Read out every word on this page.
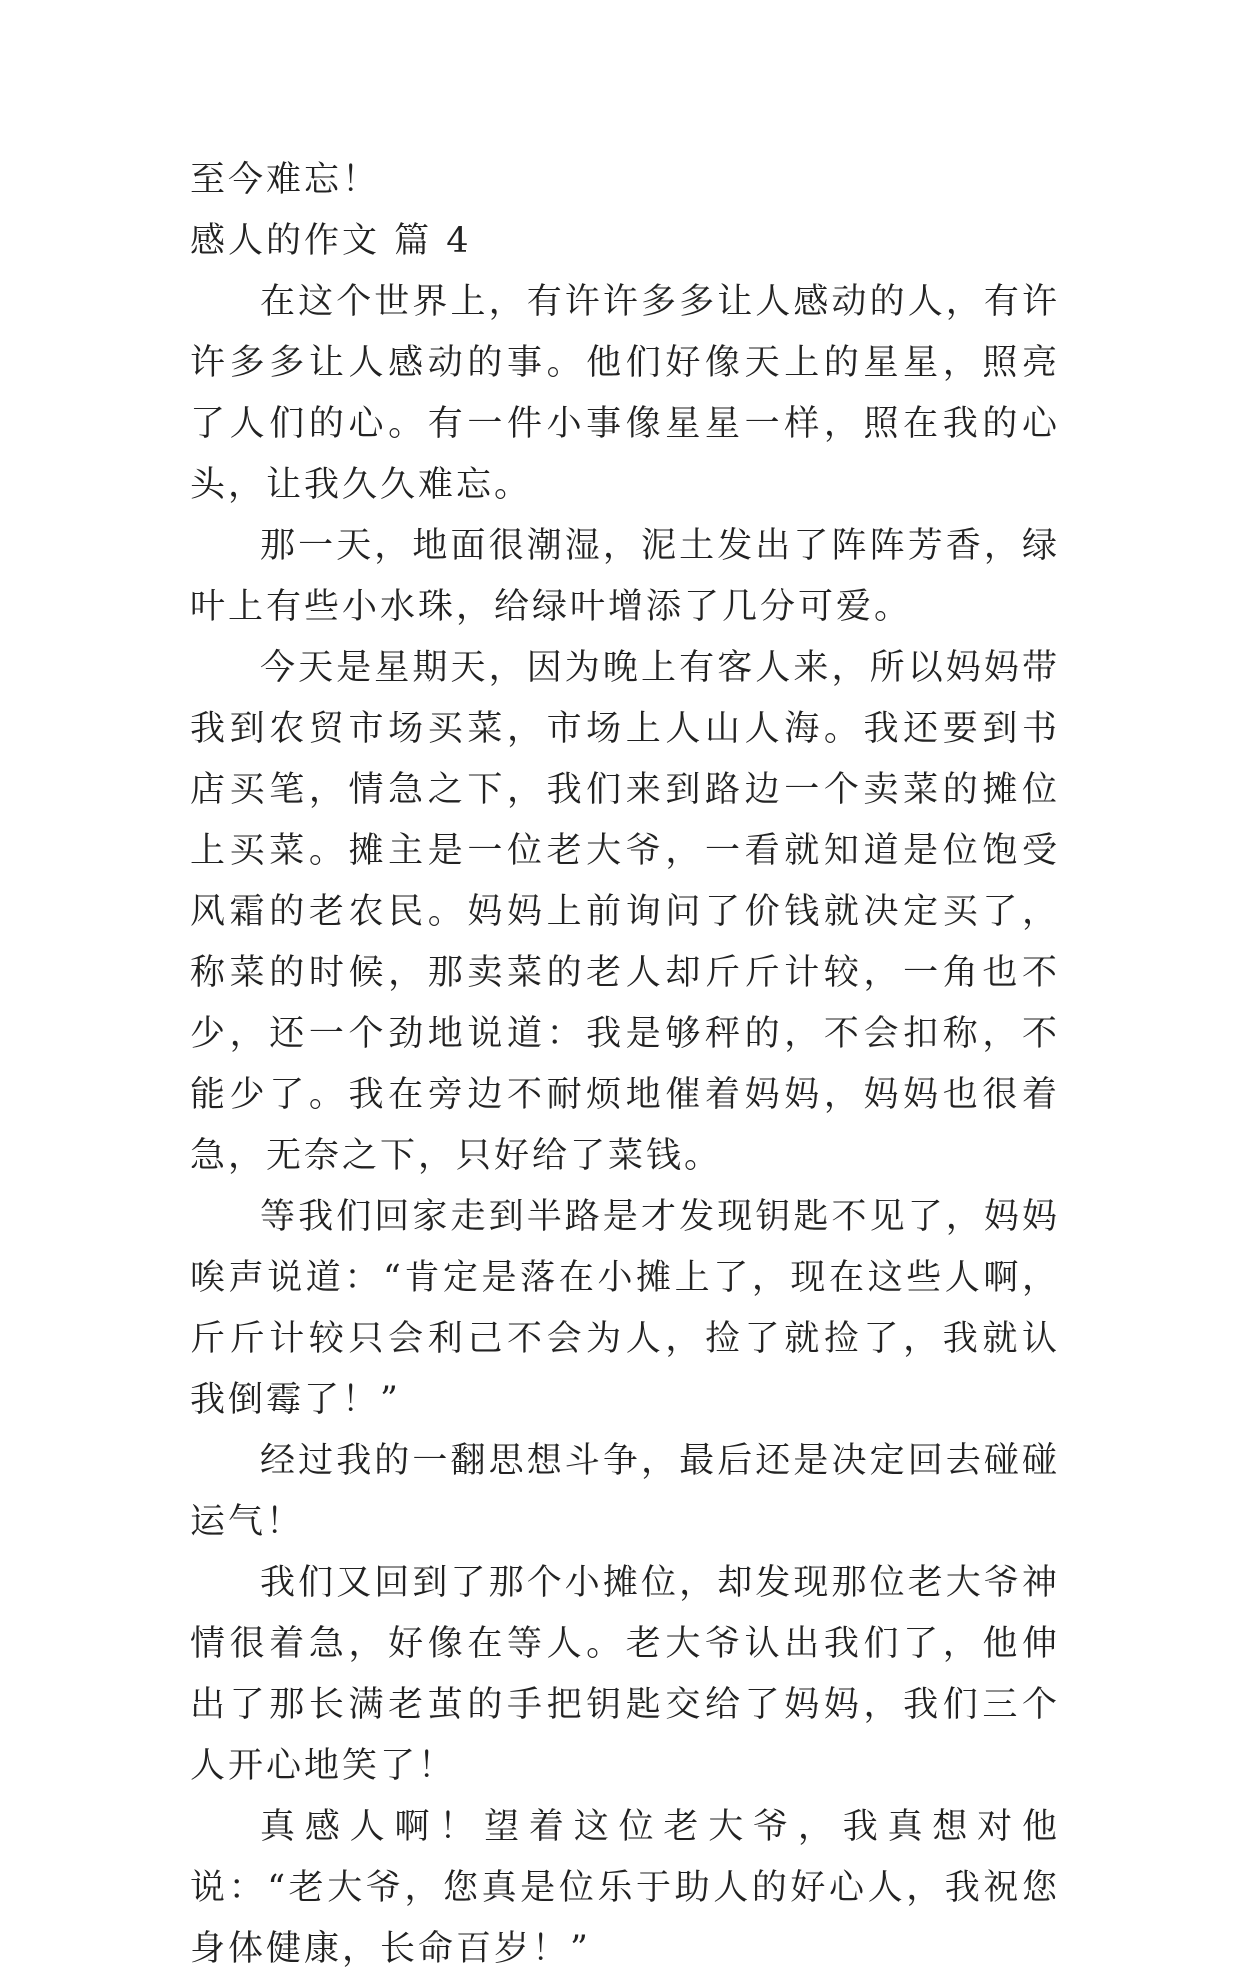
至今难忘！
感人的作文 篇 4

在这个世界上，有许许多多让人感动的人，有许许多多让人感动的事。他们好像天上的星星，照亮了人们的心。有一件小事像星星一样，照在我的心头，让我久久难忘。

那一天，地面很潮湿，泥土发出了阵阵芳香，绿叶上有些小水珠，给绿叶增添了几分可爱。

今天是星期天，因为晚上有客人来，所以妈妈带我到农贸市场买菜，市场上人山人海。我还要到书店买笔，情急之下，我们来到路边一个卖菜的摊位上买菜。摊主是一位老大爷，一看就知道是位饱受风霜的老农民。妈妈上前询问了价钱就决定买了，称菜的时候，那卖菜的老人却斤斤计较，一角也不少，还一个劲地说道：我是够秤的，不会扣称，不能少了。我在旁边不耐烦地催着妈妈，妈妈也很着急，无奈之下，只好给了菜钱。

等我们回家走到半路是才发现钥匙不见了，妈妈唉声说道：“肯定是落在小摊上了，现在这些人啊，斤斤计较只会利己不会为人，捡了就捡了，我就认我倒霉了！”

经过我的一翻思想斗争，最后还是决定回去碰碰运气！

我们又回到了那个小摊位，却发现那位老大爷神情很着急，好像在等人。老大爷认出我们了，他伸出了那长满老茧的手把钥匙交给了妈妈，我们三个人开心地笑了！

真感人啊！望着这位老大爷，我真想对他说：“老大爷，您真是位乐于助人的好心人，我祝您身体健康，长命百岁！”
